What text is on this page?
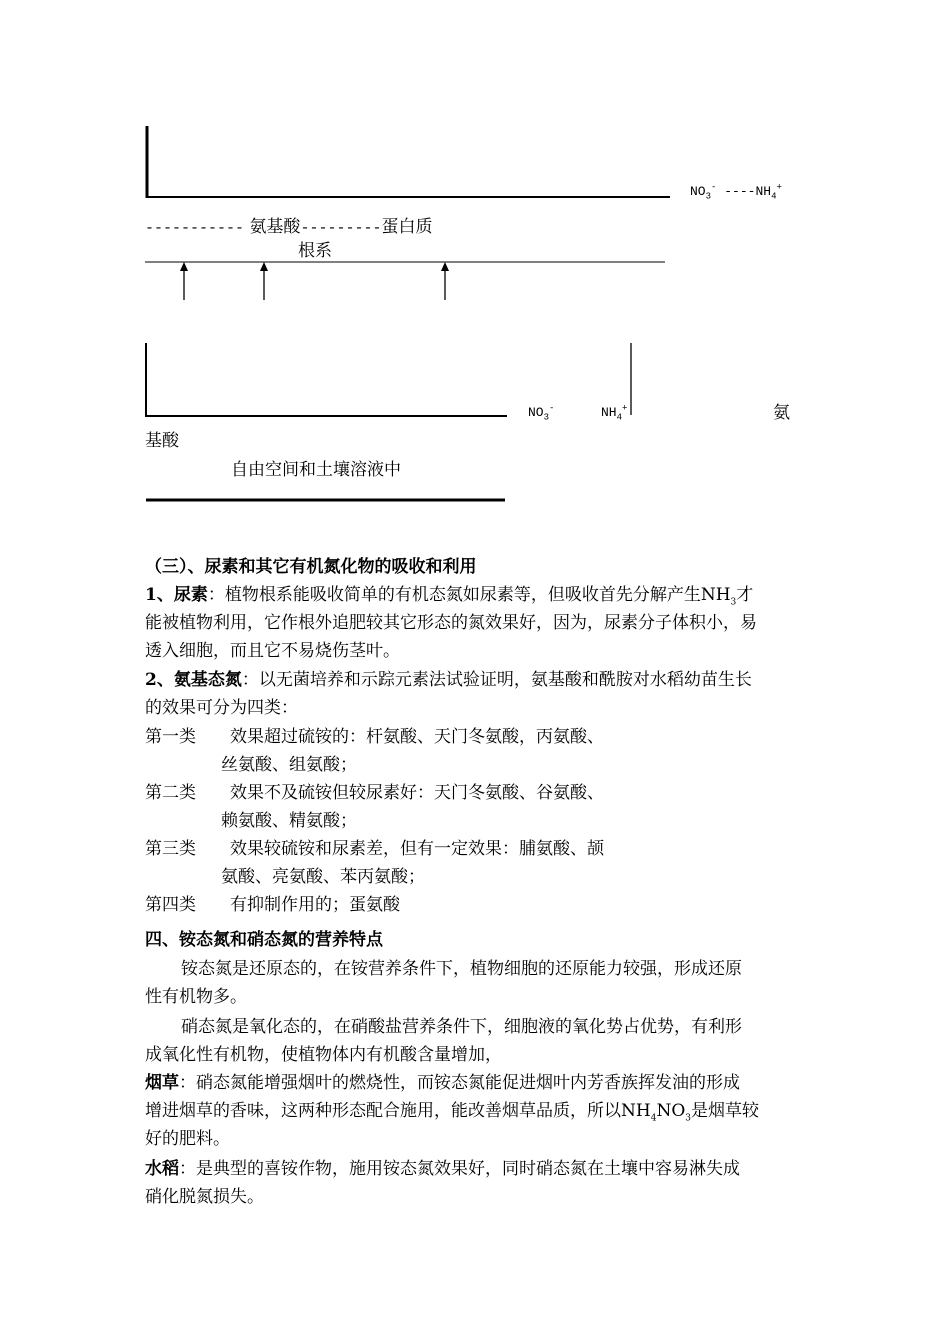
$NO_3^-$ $----NH_4^+$
----------- 氨基酸---------蛋白质
根系
$NO_3^-$	$NH_4^+$	氨
基酸
自由空间和土壤溶液中
（三）、尿素和其它有机氮化物的吸收和利用
1、尿素：植物根系能吸收简单的有机态氮如尿素等，但吸收首先分解产生$NH_3$才
能被植物利用，它作根外追肥较其它形态的氮效果好，因为，尿素分子体积小，易
透入细胞，而且它不易烧伤茎叶。
2、氨基态氮：以无菌培养和示踪元素法试验证明，氨基酸和酰胺对水稻幼苗生长
的效果可分为四类：
第一类 效果超过硫铵的：杆氨酸、天门冬氨酸，丙氨酸、
丝氨酸、组氨酸；
第二类 效果不及硫铵但较尿素好：天门冬氨酸、谷氨酸、
赖氨酸、精氨酸；
第三类 效果较硫铵和尿素差，但有一定效果：脯氨酸、颉
氨酸、亮氨酸、苯丙氨酸；
第四类 有抑制作用的；蛋氨酸
四、铵态氮和硝态氮的营养特点
铵态氮是还原态的，在铵营养条件下，植物细胞的还原能力较强，形成还原
性有机物多。
硝态氮是氧化态的，在硝酸盐营养条件下，细胞液的氧化势占优势，有利形
成氧化性有机物，使植物体内有机酸含量增加，
烟草：硝态氮能增强烟叶的燃烧性，而铵态氮能促进烟叶内芳香族挥发油的形成
增进烟草的香味，这两种形态配合施用，能改善烟草品质，所以$NH_4NO_3$是烟草较
好的肥料。
水稻：是典型的喜铵作物，施用铵态氮效果好，同时硝态氮在土壤中容易淋失成
硝化脱氮损失。
